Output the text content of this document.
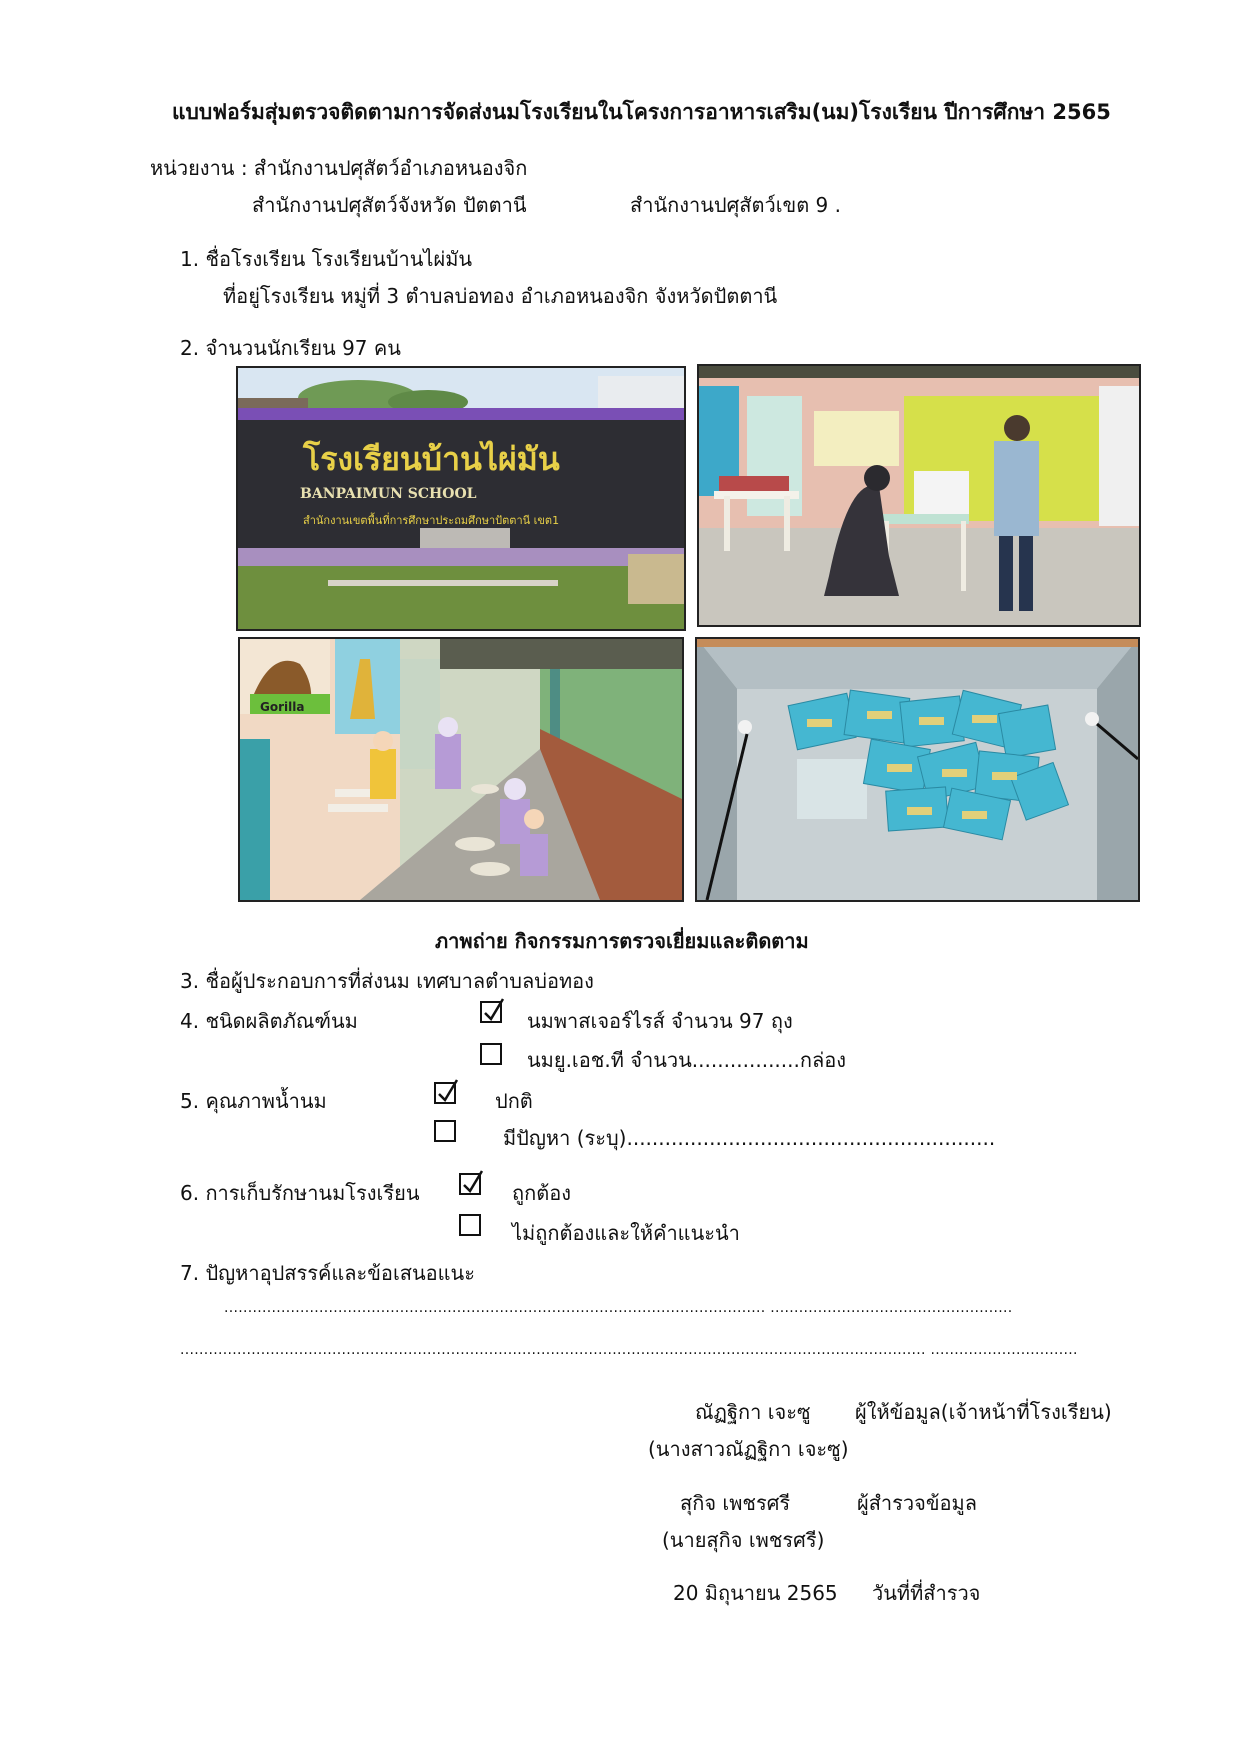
แบบฟอร์มสุ่มตรวจติดตามการจัดส่งนมโรงเรียนในโครงการอาหารเสริม(นม)โรงเรียน ปีการศึกษา 2565
หน่วยงาน : สำนักงานปศุสัตว์อำเภอหนองจิก
สำนักงานปศุสัตว์จังหวัด ปัตตานี	สำนักงานปศุสัตว์เขต 9 .
1. ชื่อโรงเรียน โรงเรียนบ้านไผ่มัน
ที่อยู่โรงเรียน หมู่ที่ 3 ตำบลบ่อทอง อำเภอหนองจิก จังหวัดปัตตานี
2. จำนวนนักเรียน 97 คน
โรงเรียนบ้านไผ่มัน
BANPAIMUN SCHOOL
สำนักงานเขตพื้นที่การศึกษาประถมศึกษาปัตตานี เขต1
Gorilla
ภาพถ่าย กิจกรรมการตรวจเยี่ยมและติดตาม
3. ชื่อผู้ประกอบการที่ส่งนม เทศบาลตำบลบ่อทอง
4. ชนิดผลิตภัณฑ์นม	นมพาสเจอร์ไรส์ จำนวน 97 ถุง
นมยู.เอช.ที จำนวน.................กล่อง
5. คุณภาพน้ำนม	ปกติ
มีปัญหา (ระบุ)..........................................................
6. การเก็บรักษานมโรงเรียน	ถูกต้อง
ไม่ถูกต้องและให้คำแนะนำ
7. ปัญหาอุปสรรค์และข้อเสนอแนะ
.................................................................................................................. ...................................................
............................................................................................................................................................. ...............................
ณัฏฐิกา เจะซู ผู้ให้ข้อมูล(เจ้าหน้าที่โรงเรียน)
(นางสาวณัฏฐิกา เจะซู)
สุกิจ เพชรศรี	ผู้สำรวจข้อมูล
(นายสุกิจ เพชรศรี)
20 มิถุนายน 2565 วันที่ที่สำรวจ
